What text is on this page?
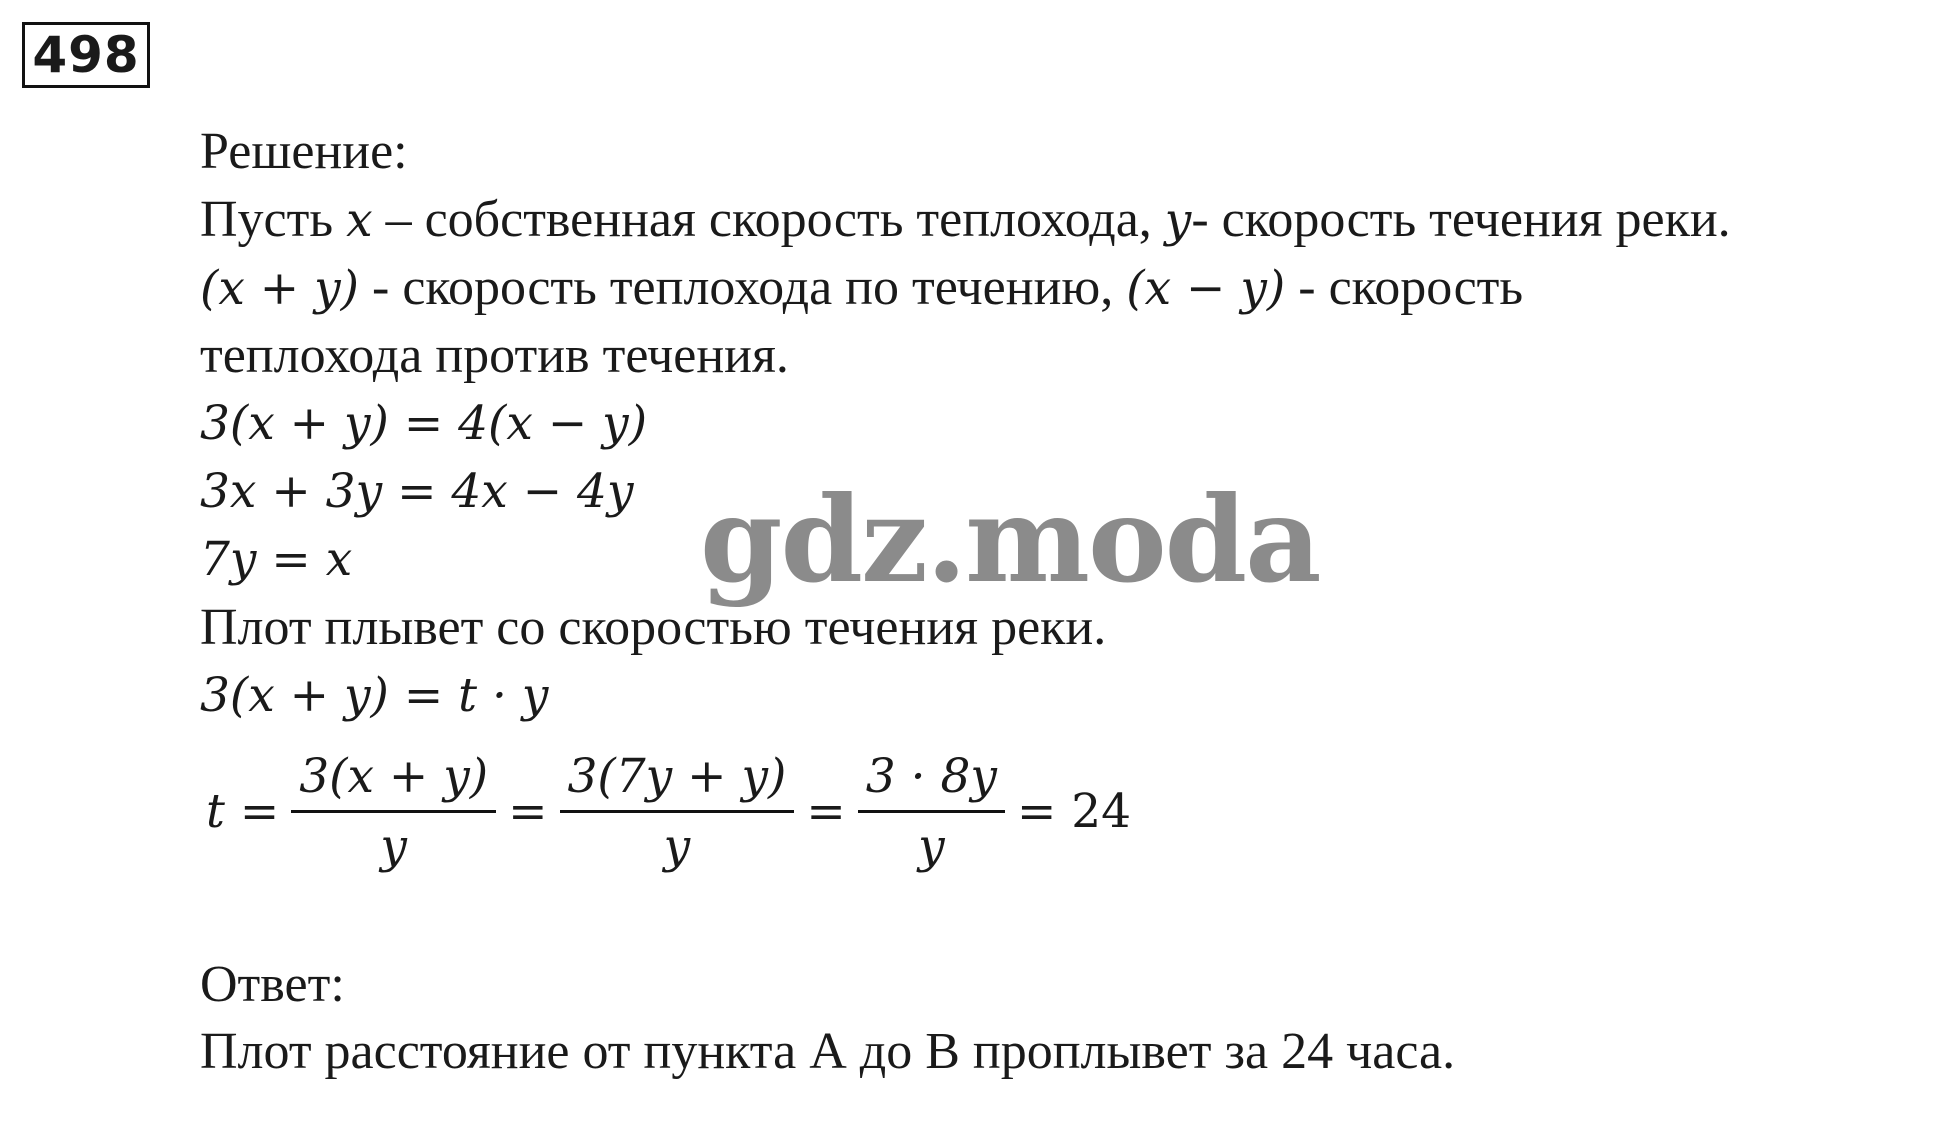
498
Решение:
Пусть x – собственная скорость теплохода, y- скорость течения реки.
(x + y) - скорость теплохода по течению, (x − y) - скорость
теплохода против течения.
3(x + y) = 4(x − y)
3x + 3y = 4x − 4y
7y = x
Плот плывет со скоростью течения реки.
3(x + y) = t · y
$t = \frac{3(x + y)}{y} = \frac{3(7y + y)}{y} = \frac{3 \cdot 8y}{y} = 24$
Ответ:
Плот расстояние от пункта А до В проплывет за 24 часа.
gdz.moda
